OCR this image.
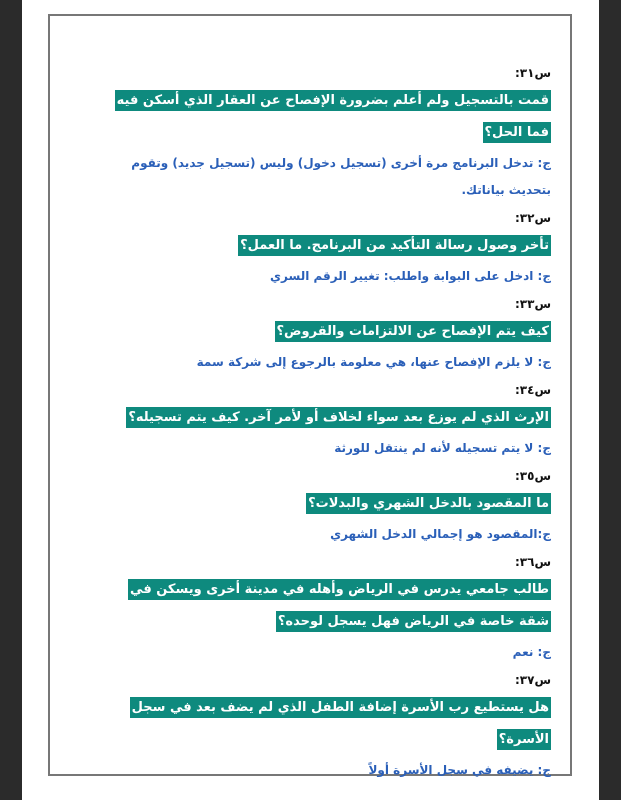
س٣١:
قمت بالتسجيل ولم أعلم بضرورة الإفصاح عن العقار الذي أسكن فيه فما الحل؟
ج: تدخل البرنامج مرة أخرى (تسجيل دخول) وليس (تسجيل جديد) وتقوم بتحديث بياناتك.
س٣٢:
تأخر وصول رسالة التأكيد من البرنامج. ما العمل؟
ج: ادخل على البوابة واطلب: تغيير الرقم السري
س٣٣:
كيف يتم الإفصاح عن الالتزامات والقروض؟
ج: لا يلزم الإفصاح عنها، هي معلومة بالرجوع إلى شركة سمة
س٣٤:
الإرث الذي لم يوزع بعد سواء لخلاف أو لأمر آخر. كيف يتم تسجيله؟
ج: لا يتم تسجيله لأنه لم ينتقل للورثة
س٣٥:
ما المقصود بالدخل الشهري والبدلات؟
ج:المقصود هو إجمالي الدخل الشهري
س٣٦:
طالب جامعي يدرس في الرياض وأهله في مدينة أخرى ويسكن في شقة خاصة في الرياض فهل يسجل لوحده؟
ج: نعم
س٣٧:
هل يستطيع رب الأسرة إضافة الطفل الذي لم يضف بعد في سجل الأسرة؟
ج: يضيفه في سجل الأسرة أولاً
